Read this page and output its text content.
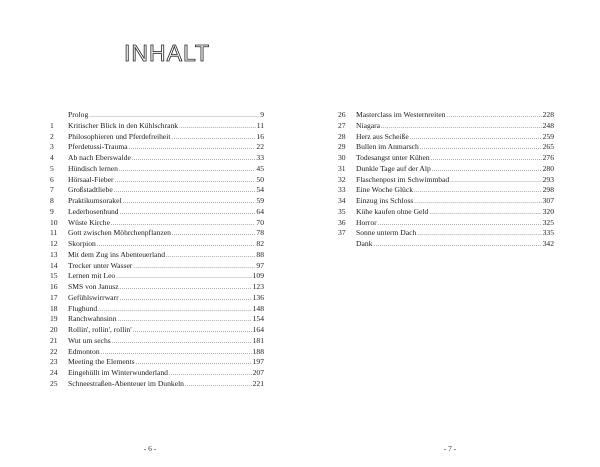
INHALT
Prolog .....	9
1	Kritischer Blick in den Kühlschrank .....	11
2	Philosophieren und Pferdefreiheit .....	16
3	Pferdetussi-Trauma .....	22
4	Ab nach Eberswalde .....	33
5	Hündisch lernen .....	45
6	Hörsaal-Fieber .....	50
7	Großstadtliebe .....	54
8	Praktikumsorakel .....	59
9	Lederhosenhund .....	64
10	Wüste Kirche .....	70
11	Gott zwischen Möhrchenpflanzen .....	78
12	Skorpion .....	82
13	Mit dem Zug ins Abenteuerland .....	88
14	Trecker unter Wasser .....	97
15	Lernen mit Leo .....	109
16	SMS von Janusz .....	123
17	Gefühlswirrwarr .....	136
18	Flughund .....	148
19	Ranchwahnsinn .....	154
20	Rollin', rollin', rollin' .....	164
21	Wut um sechs .....	181
22	Edmonton .....	188
23	Meeting the Elements .....	197
24	Eingehüllt im Winterwunderland .....	207
25	Schneestraßen-Abenteuer im Dunkeln .....	221
- 6 -
26	Masterclass im Westernreiten .....	228
27	Niagara .....	248
28	Herz aus Scheiße .....	259
29	Bullen im Anmarsch .....	265
30	Todesangst unter Kühen .....	276
31	Dunkle Tage auf der Alp .....	280
32	Flaschenpost im Schwimmbad .....	293
33	Eine Woche Glück .....	298
34	Einzug ins Schloss .....	307
35	Kühe kaufen ohne Geld .....	320
36	Horror .....	325
37	Sonne unterm Dach .....	335
Dank .....	342
- 7 -
